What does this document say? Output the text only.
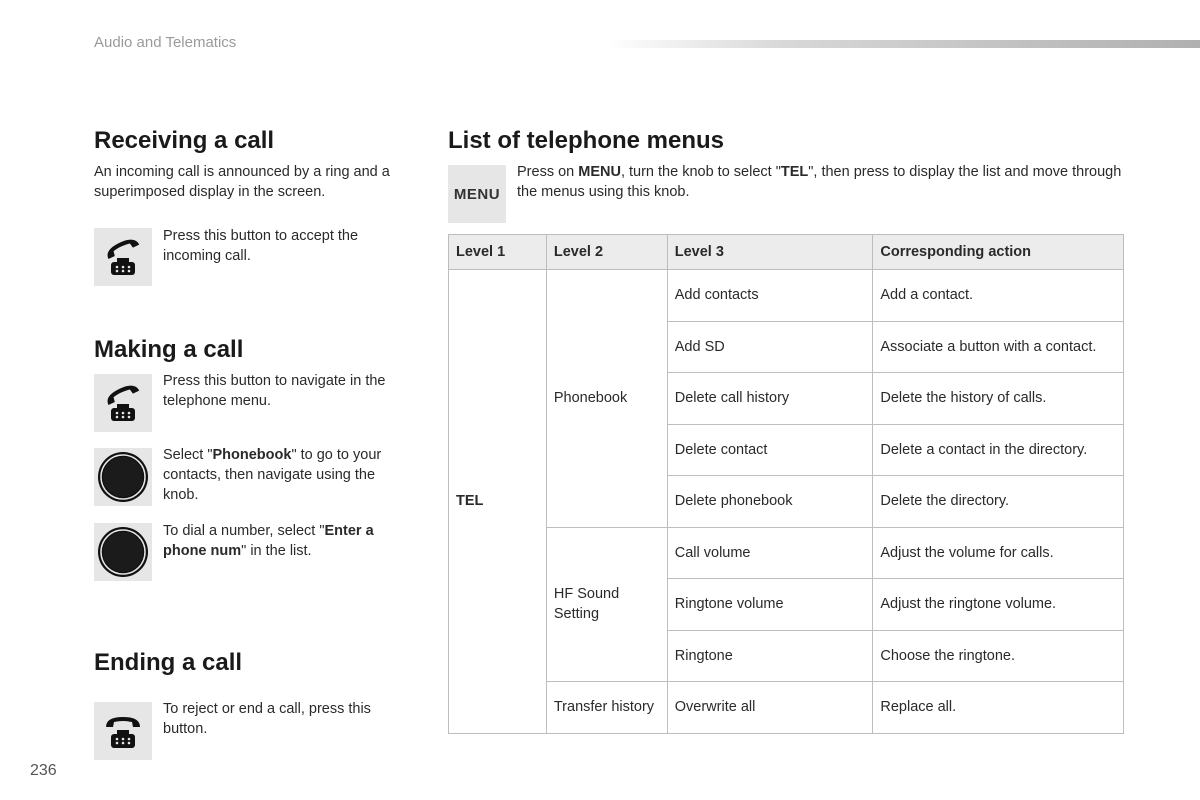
Audio and Telematics
Receiving a call
An incoming call is announced by a ring and a superimposed display in the screen.
Press this button to accept the incoming call.
Making a call
Press this button to navigate in the telephone menu.
Select "Phonebook" to go to your contacts, then navigate using the knob.
To dial a number, select "Enter a phone num" in the list.
Ending a call
To reject or end a call, press this button.
List of telephone menus
MENU
Press on MENU, turn the knob to select "TEL", then press to display the list and move through the menus using this knob.
Level 1	Level 2	Level 3	Corresponding action
TEL	Phonebook	Add contacts	Add a contact.
		Add SD	Associate a button with a contact.
		Delete call history	Delete the history of calls.
		Delete contact	Delete a contact in the directory.
		Delete phonebook	Delete the directory.
	HF Sound Setting	Call volume	Adjust the volume for calls.
		Ringtone volume	Adjust the ringtone volume.
		Ringtone	Choose the ringtone.
	Transfer history	Overwrite all	Replace all.
236
